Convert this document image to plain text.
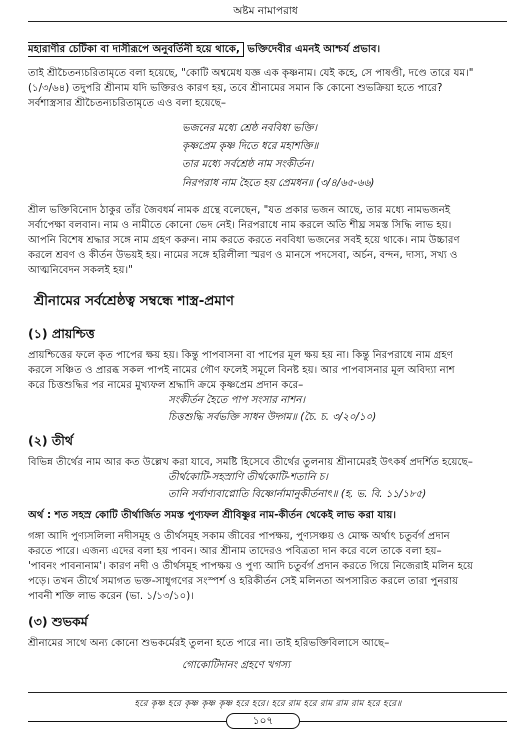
অষ্টম নামাপরাধ
মহারাণীর চেটিকা বা দাসীরূপে অনুবর্তিনী হয়ে থাকে, ভক্তিদেবীর এমনই আশ্চর্য প্রভাব।
তাই শ্রীচৈতন্যচরিতামৃতে বলা হয়েছে, "কোটি অশ্বমেধ যজ্ঞ এক কৃষ্ণনাম। যেই কহে, সে পাষণ্ডী, দণ্ডে তারে যম।"
(১/৩/৬৪) তদুপরি শ্রীনাম যদি ভক্তিরও কারণ হয়, তবে শ্রীনামের সমান কি কোনো শুভক্রিয়া হতে পারে?
সর্বশাস্ত্রসার শ্রীচৈতন্যচরিতামৃতে এও বলা হয়েছে–
ভজনের মধ্যে শ্রেষ্ঠ নববিধা ভক্তি।
কৃষ্ণপ্রেম কৃষ্ণ দিতে ধরে মহাশক্তি॥
তার মধ্যে সর্বশ্রেষ্ঠ নাম সংকীর্তন।
নিরপরাধ নাম হৈতে হয় প্রেমধন॥ (৩/৪/৬৫-৬৬)
শ্রীল ভক্তিবিনোদ ঠাকুর তাঁর জৈবধর্ম নামক গ্রন্থে বলেছেন, "যত প্রকার ভজন আছে, তার মধ্যে নামভজনই
সর্বাপেক্ষা বলবান। নাম ও নামীতে কোনো ভেদ নেই। নিরপরাধে নাম করলে অতি শীঘ্র সমস্ত সিদ্ধি লাভ হয়।
আপনি বিশেষ শ্রদ্ধার সঙ্গে নাম গ্রহণ করুন। নাম করতে করতে নববিধা ভজনের সবই হয়ে থাকে। নাম উচ্চারণ
করলে শ্রবণ ও কীর্তন উভয়ই হয়। নামের সঙ্গে হরিলীলা স্মরণ ও মানসে পদসেবা, অর্চন, বন্দন, দাস্য, সখ্য ও
আত্মনিবেদন সকলই হয়।"
শ্রীনামের সর্বশ্রেষ্ঠত্ব সম্বন্ধে শাস্ত্র-প্রমাণ
(১) প্রায়শ্চিত্ত
প্রায়শ্চিত্তের ফলে কৃত পাপের ক্ষয় হয়। কিন্তু পাপবাসনা বা পাপের মূল ক্ষয় হয় না। কিন্তু নিরপরাধে নাম গ্রহণ
করলে সঞ্চিত ও প্রারব্ধ সকল পাপই নামের গৌণ ফলেই সমূলে বিনষ্ট হয়। আর পাপবাসনার মূল অবিদ্যা নাশ
করে চিত্তশুদ্ধির পর নামের মুখ্যফল শ্রদ্ধাদি ক্রমে কৃষ্ণপ্রেম প্রদান করে–
সংকীর্তন হৈতে পাপ সংসার নাশন।
চিত্তশুদ্ধি সর্বভক্তি সাধন উদ্গম॥ (চৈ. চ. ৩/২০/১০)
(২) তীর্থ
বিভিন্ন তীর্থের নাম আর কত উল্লেখ করা যাবে, সমষ্টি হিসেবে তীর্থের তুলনায় শ্রীনামেরই উৎকর্ষ প্রদর্শিত হয়েছে–
তীর্থকোটি-সহস্রাণি তীর্থকোটি-শতানি চ।
তানি সর্বাণ্যবাপ্নোতি বিষ্ণোর্নামানুকীর্তনাৎ॥ (হ. ভ. বি. ১১/১৮৫)
অর্থ : শত সহস্র কোটি তীর্থার্জিত সমস্ত পুণ্যফল শ্রীবিষ্ণুর নাম-কীর্তন থেকেই লাভ করা যায়।
গঙ্গা আদি পুণ্যসলিলা নদীসমূহ ও তীর্থসমূহ সকাম জীবের পাপক্ষয়, পুণ্যসঞ্চয় ও মোক্ষ অর্থাৎ চতুর্বর্গ প্রদান
করতে পারে। এজন্য এদের বলা হয় পাবন। আর শ্রীনাম তাদেরও পবিত্রতা দান করে বলে তাকে বলা হয়–
'পাবনং পাবনানাম'। কারণ নদী ও তীর্থসমূহ পাপক্ষয় ও পুণ্য আদি চতুর্বর্গ প্রদান করতে গিয়ে নিজেরাই মলিন হয়ে
পড়ে। তখন তীর্থে সমাগত ভক্ত-সাধুগণের সংস্পর্শ ও হরিকীর্তন সেই মলিনতা অপসারিত করলে তারা পুনরায়
পাবনী শক্তি লাভ করেন (ভা. ১/১৩/১০)।
(৩) শুভকর্ম
শ্রীনামের সাথে অন্য কোনো শুভকর্মেরই তুলনা হতে পারে না। তাই হরিভক্তিবিলাসে আছে–
গোকোটিদানং গ্রহণে খগস্য
হরে কৃষ্ণ হরে কৃষ্ণ কৃষ্ণ কৃষ্ণ হরে হরে। হরে রাম হরে রাম রাম রাম হরে হরে॥
১০৭
